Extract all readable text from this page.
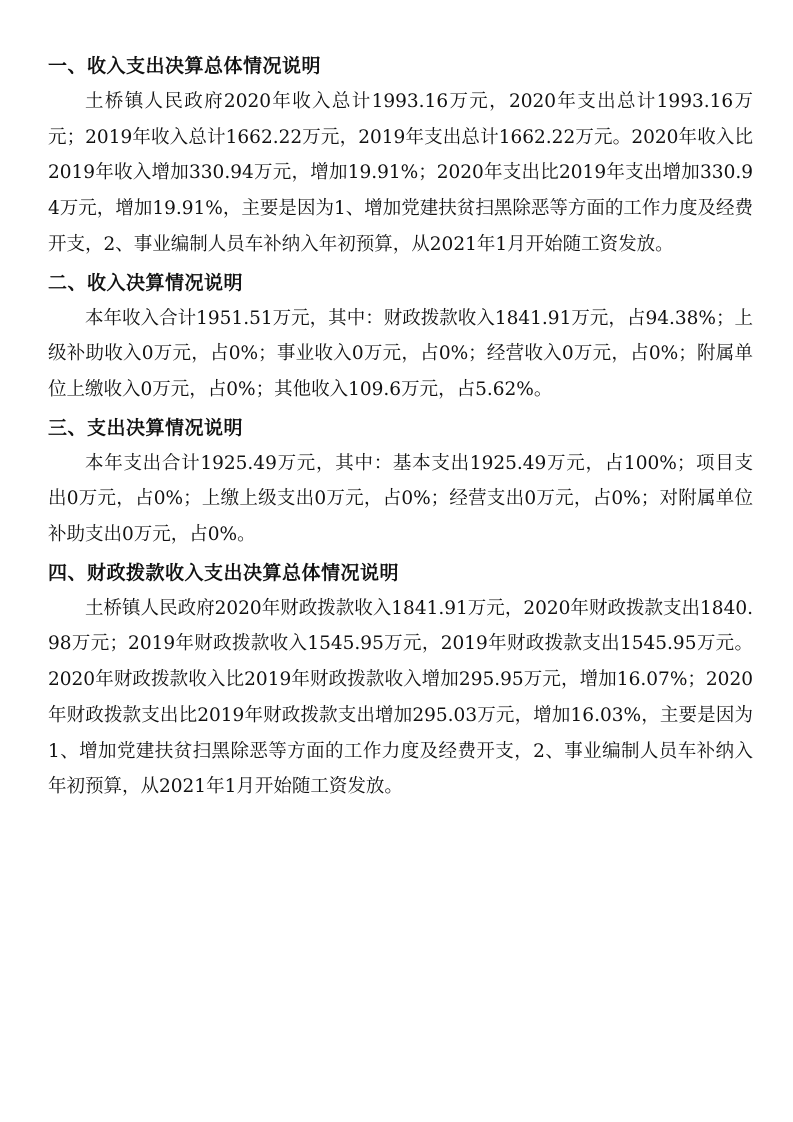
一、收入支出决算总体情况说明

土桥镇人民政府2020年收入总计1993.16万元，2020年支出总计1993.16万元；2019年收入总计1662.22万元，2019年支出总计1662.22万元。2020年收入比2019年收入增加330.94万元，增加19.91%；2020年支出比2019年支出增加330.94万元，增加19.91%，主要是因为1、增加党建扶贫扫黑除恶等方面的工作力度及经费开支，2、事业编制人员车补纳入年初预算，从2021年1月开始随工资发放。

二、收入决算情况说明

本年收入合计1951.51万元，其中：财政拨款收入1841.91万元，占94.38%；上级补助收入0万元，占0%；事业收入0万元，占0%；经营收入0万元，占0%；附属单位上缴收入0万元，占0%；其他收入109.6万元，占5.62%。

三、支出决算情况说明

本年支出合计1925.49万元，其中：基本支出1925.49万元，占100%；项目支出0万元，占0%；上缴上级支出0万元，占0%；经营支出0万元，占0%；对附属单位补助支出0万元，占0%。

四、财政拨款收入支出决算总体情况说明

土桥镇人民政府2020年财政拨款收入1841.91万元，2020年财政拨款支出1840.98万元；2019年财政拨款收入1545.95万元，2019年财政拨款支出1545.95万元。2020年财政拨款收入比2019年财政拨款收入增加295.95万元，增加16.07%；2020年财政拨款支出比2019年财政拨款支出增加295.03万元，增加16.03%，主要是因为1、增加党建扶贫扫黑除恶等方面的工作力度及经费开支，2、事业编制人员车补纳入年初预算，从2021年1月开始随工资发放。
